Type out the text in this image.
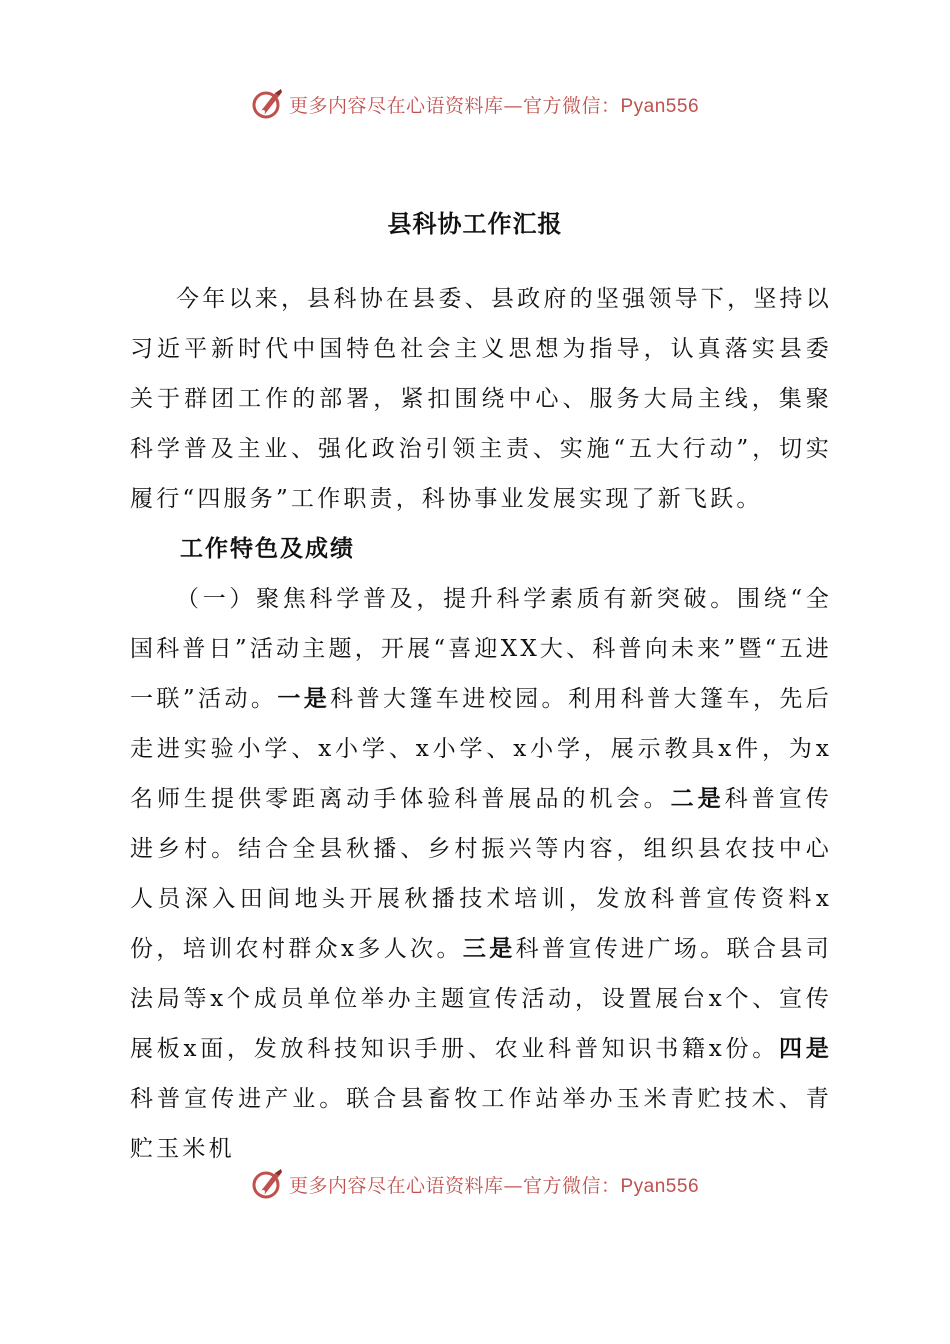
更多内容尽在心语资料库—官方微信：Pyan556
县科协工作汇报

今年以来，县科协在县委、县政府的坚强领导下，坚持以习近平新时代中国特色社会主义思想为指导，认真落实县委关于群团工作的部署，紧扣围绕中心、服务大局主线，集聚科学普及主业、强化政治引领主责、实施“五大行动”，切实履行“四服务”工作职责，科协事业发展实现了新飞跃。

工作特色及成绩

（一）聚焦科学普及，提升科学素质有新突破。围绕“全国科普日”活动主题，开展“喜迎XX大、科普向未来”暨“五进一联”活动。一是科普大篷车进校园。利用科普大篷车，先后走进实验小学、x小学、x小学、x小学，展示教具x件，为x名师生提供零距离动手体验科普展品的机会。二是科普宣传进乡村。结合全县秋播、乡村振兴等内容，组织县农技中心人员深入田间地头开展秋播技术培训，发放科普宣传资料x份，培训农村群众x多人次。三是科普宣传进广场。联合县司法局等x个成员单位举办主题宣传活动，设置展台x个、宣传展板x面，发放科技知识手册、农业科普知识书籍x份。四是科普宣传进产业。联合县畜牧工作站举办玉米青贮技术、青贮玉米机

更多内容尽在心语资料库—官方微信：Pyan556
